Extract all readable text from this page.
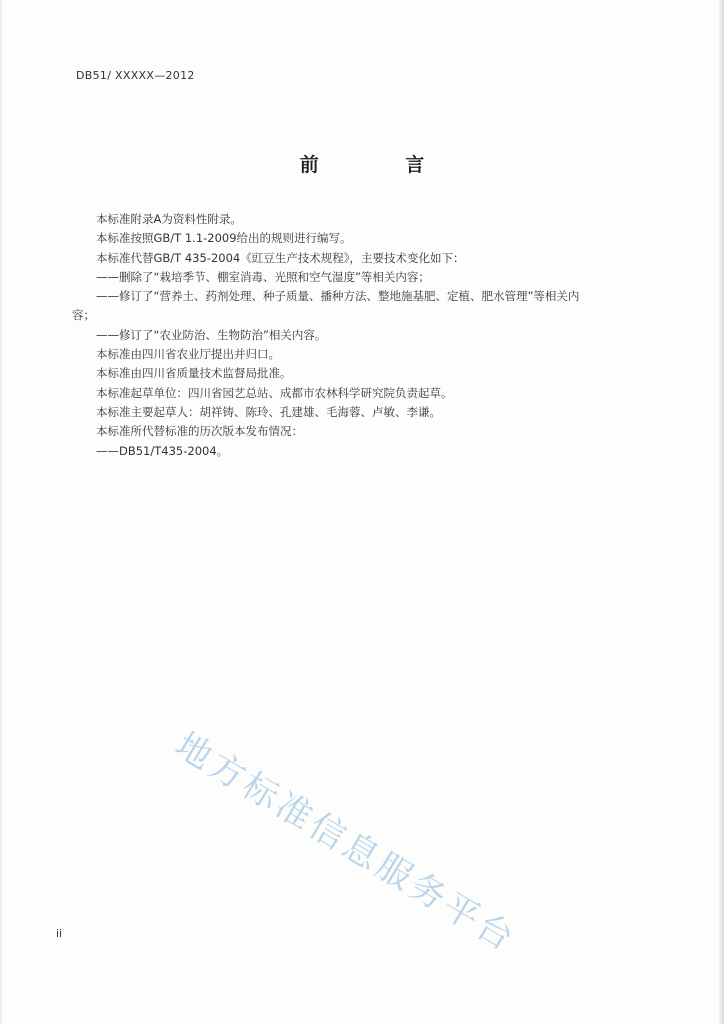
DB51/ XXXXX—2012
前 言
本标准附录A为资料性附录。
本标准按照GB/T 1.1-2009给出的规则进行编写。
本标准代替GB/T 435-2004《豇豆生产技术规程》，主要技术变化如下：
——删除了“栽培季节、棚室消毒、光照和空气湿度”等相关内容；
——修订了“营养土、药剂处理、种子质量、播种方法、整地施基肥、定植、肥水管理”等相关内
容；
——修订了“农业防治、生物防治”相关内容。
本标准由四川省农业厅提出并归口。
本标准由四川省质量技术监督局批准。
本标准起草单位：四川省园艺总站、成都市农林科学研究院负责起草。
本标准主要起草人：胡祥铸、陈玲、孔建雄、毛海蓉、卢敏、李谦。
本标准所代替标准的历次版本发布情况：
——DB51/T435-2004。
地方标准信息服务平台
ii
